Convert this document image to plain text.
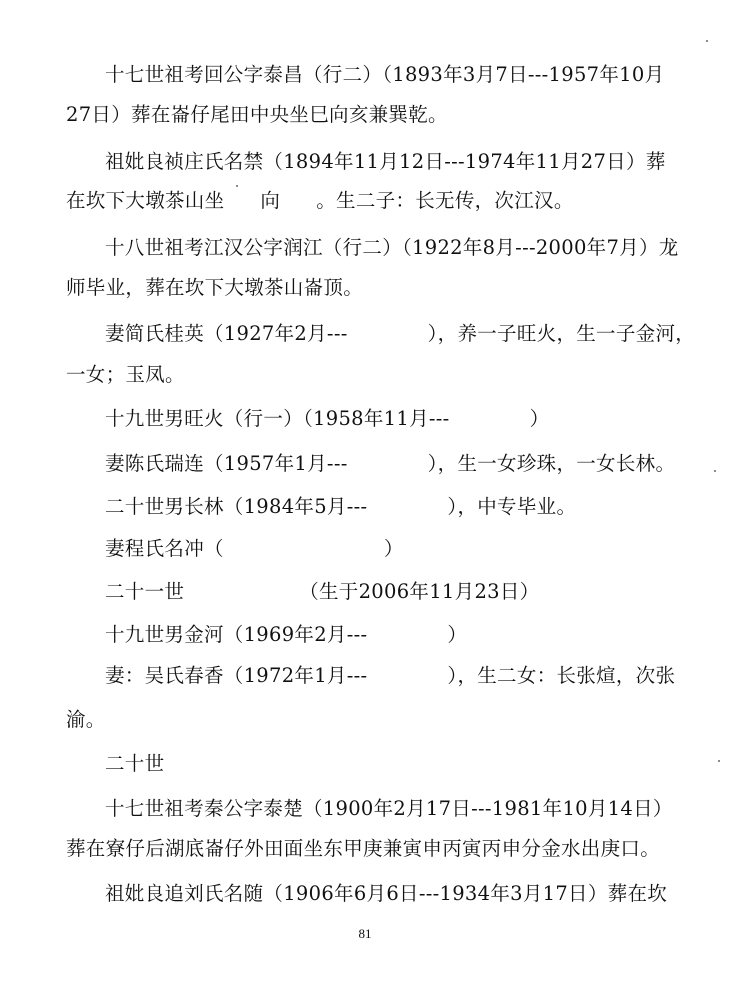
十七世祖考回公字泰昌（行二）（1893年3月7日---1957年10月
27日）葬在崙仔尾田中央坐巳向亥兼巽乾。
祖妣良祯庄氏名禁（1894年11月12日---1974年11月27日）葬
在坎下大墩茶山坐 向 。生二子：长无传，次江汉。
十八世祖考江汉公字润江（行二）（1922年8月---2000年7月）龙
师毕业，葬在坎下大墩茶山崙顶。
妻简氏桂英（1927年2月---	），养一子旺火，生一子金河，
一女；玉凤。
十九世男旺火（行一）（1958年11月---	）
妻陈氏瑞连（1957年1月---	），生一女珍珠，一女长林。
二十世男长林（1984年5月---	），中专毕业。
妻程氏名冲（	）
二十一世	（生于2006年11月23日）
十九世男金河（1969年2月---	）
妻：吴氏春香（1972年1月---	），生二女：长张煊，次张
渝。
二十世
十七世祖考秦公字泰楚（1900年2月17日---1981年10月14日）
葬在寮仔后湖底崙仔外田面坐东甲庚兼寅申丙寅丙申分金水出庚口。
祖妣良追刘氏名随（1906年6月6日---1934年3月17日）葬在坎
81
